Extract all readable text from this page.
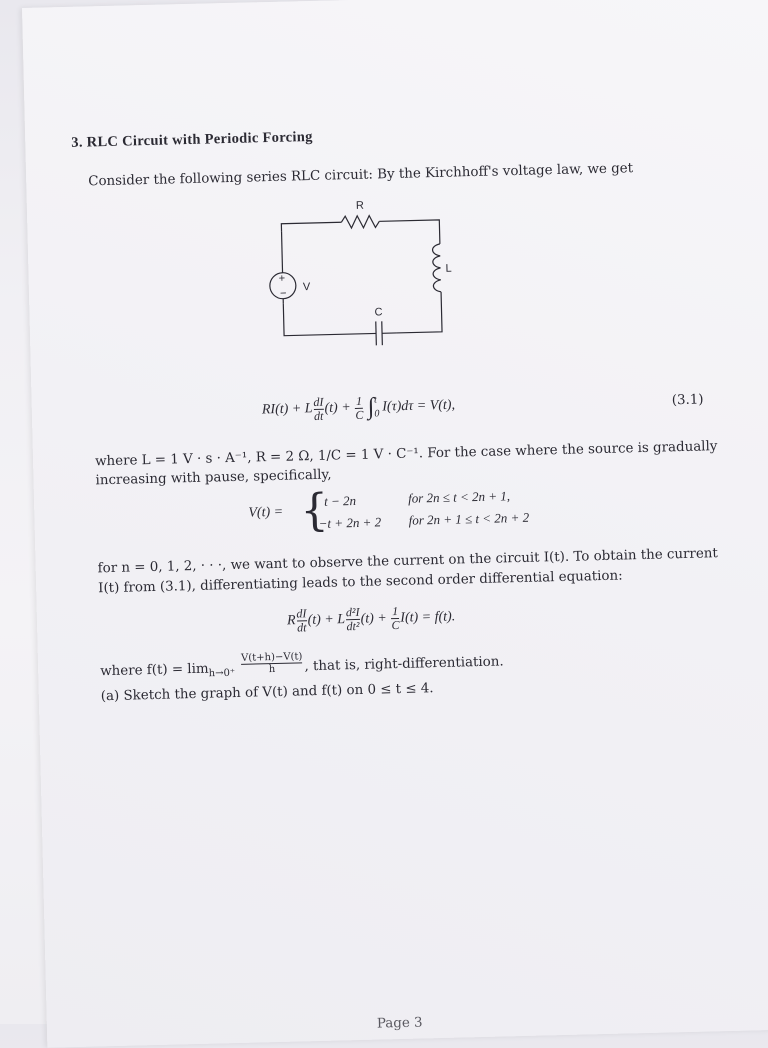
3. RLC Circuit with Periodic Forcing
Consider the following series RLC circuit: By the Kirchhoff's voltage law, we get
+
−
R
V
L
C
RI(t) + L $\frac{dI}{dt} (t) + \frac{1}{C}$ ∫ t
0 I(τ)dτ = V(t),	(3.1)
where L = 1 V · s · A⁻¹, R = 2 Ω, 1/C = 1 V · C⁻¹. For the case where the source is gradually
increasing with pause, specifically,
V(t) = {
t − 2n	for 2n ≤ t < 2n + 1,
−t + 2n + 2 for 2n + 1 ≤ t < 2n + 2
for n = 0, 1, 2, · · ·, we want to observe the current on the circuit I(t). To obtain the current
I(t) from (3.1), differentiating leads to the second order differential equation:
R $\frac{dI}{dt} (t) + L \frac{\text{d²I}}{\text{dt²}} (t) + \frac{1}{C} I(t) = f(t)$.
where $f(t) = \lim_{h\to 0^+} \frac{V(t+h)-V(t)}{h}$ , that is, right-differentiation.
(a) Sketch the graph of V(t) and f(t) on 0 ≤ t ≤ 4.
Page 3
